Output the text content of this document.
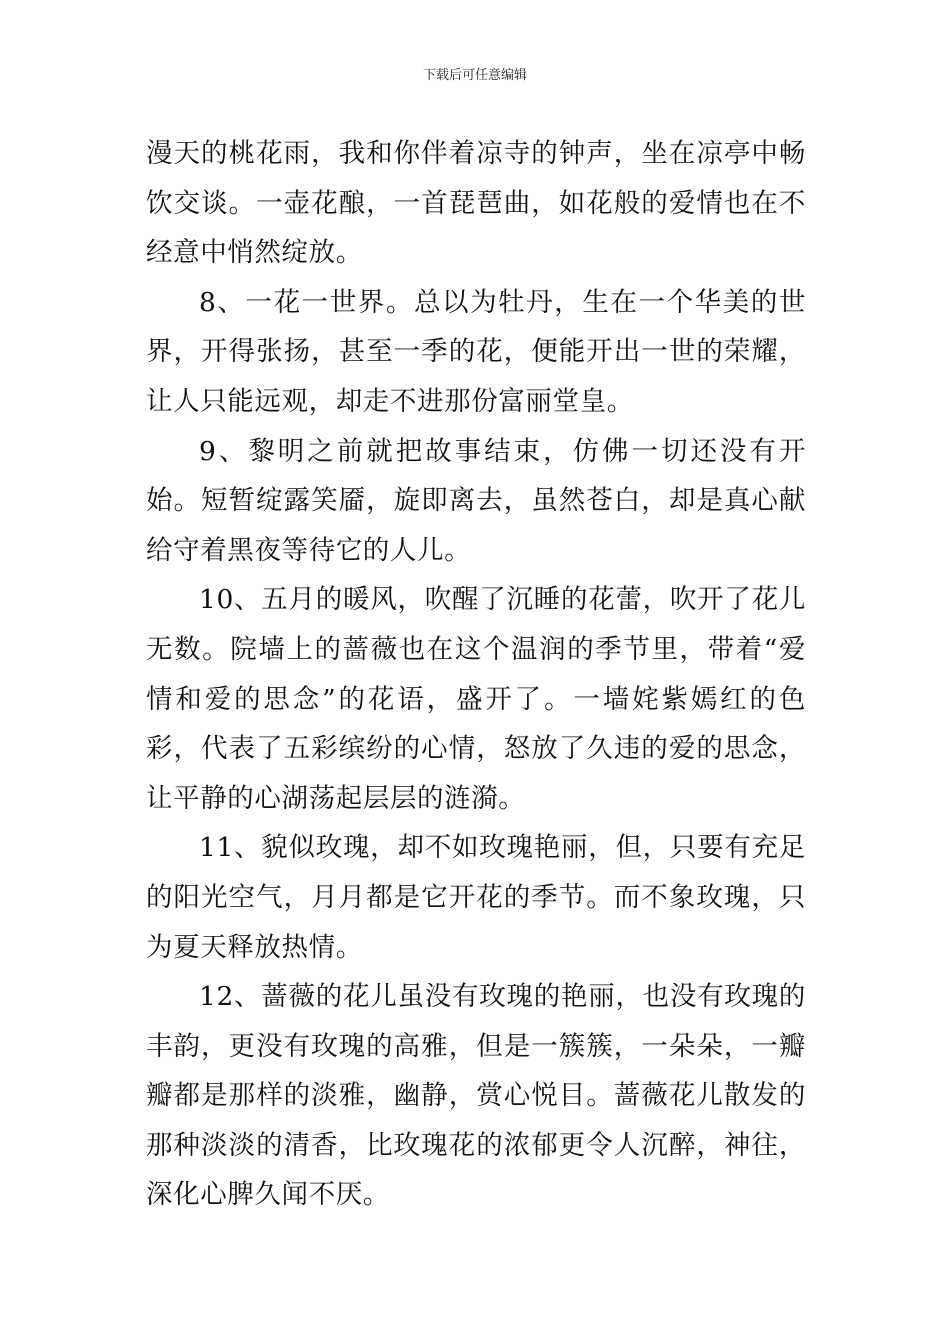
下载后可任意编辑

漫天的桃花雨，我和你伴着凉寺的钟声，坐在凉亭中畅饮交谈。一壶花酿，一首琵琶曲，如花般的爱情也在不经意中悄然绽放。

8、一花一世界。总以为牡丹，生在一个华美的世界，开得张扬，甚至一季的花，便能开出一世的荣耀，让人只能远观，却走不进那份富丽堂皇。

9、黎明之前就把故事结束，仿佛一切还没有开始。短暂绽露笑靥，旋即离去，虽然苍白，却是真心献给守着黑夜等待它的人儿。

10、五月的暖风，吹醒了沉睡的花蕾，吹开了花儿无数。院墙上的蔷薇也在这个温润的季节里，带着“爱情和爱的思念”的花语，盛开了。一墙姹紫嫣红的色彩，代表了五彩缤纷的心情，怒放了久违的爱的思念，让平静的心湖荡起层层的涟漪。

11、貌似玫瑰，却不如玫瑰艳丽，但，只要有充足的阳光空气，月月都是它开花的季节。而不象玫瑰，只为夏天释放热情。

12、蔷薇的花儿虽没有玫瑰的艳丽，也没有玫瑰的丰韵，更没有玫瑰的高雅，但是一簇簇，一朵朵，一瓣瓣都是那样的淡雅，幽静，赏心悦目。蔷薇花儿散发的那种淡淡的清香，比玫瑰花的浓郁更令人沉醉，神往，深化心脾久闻不厌。
